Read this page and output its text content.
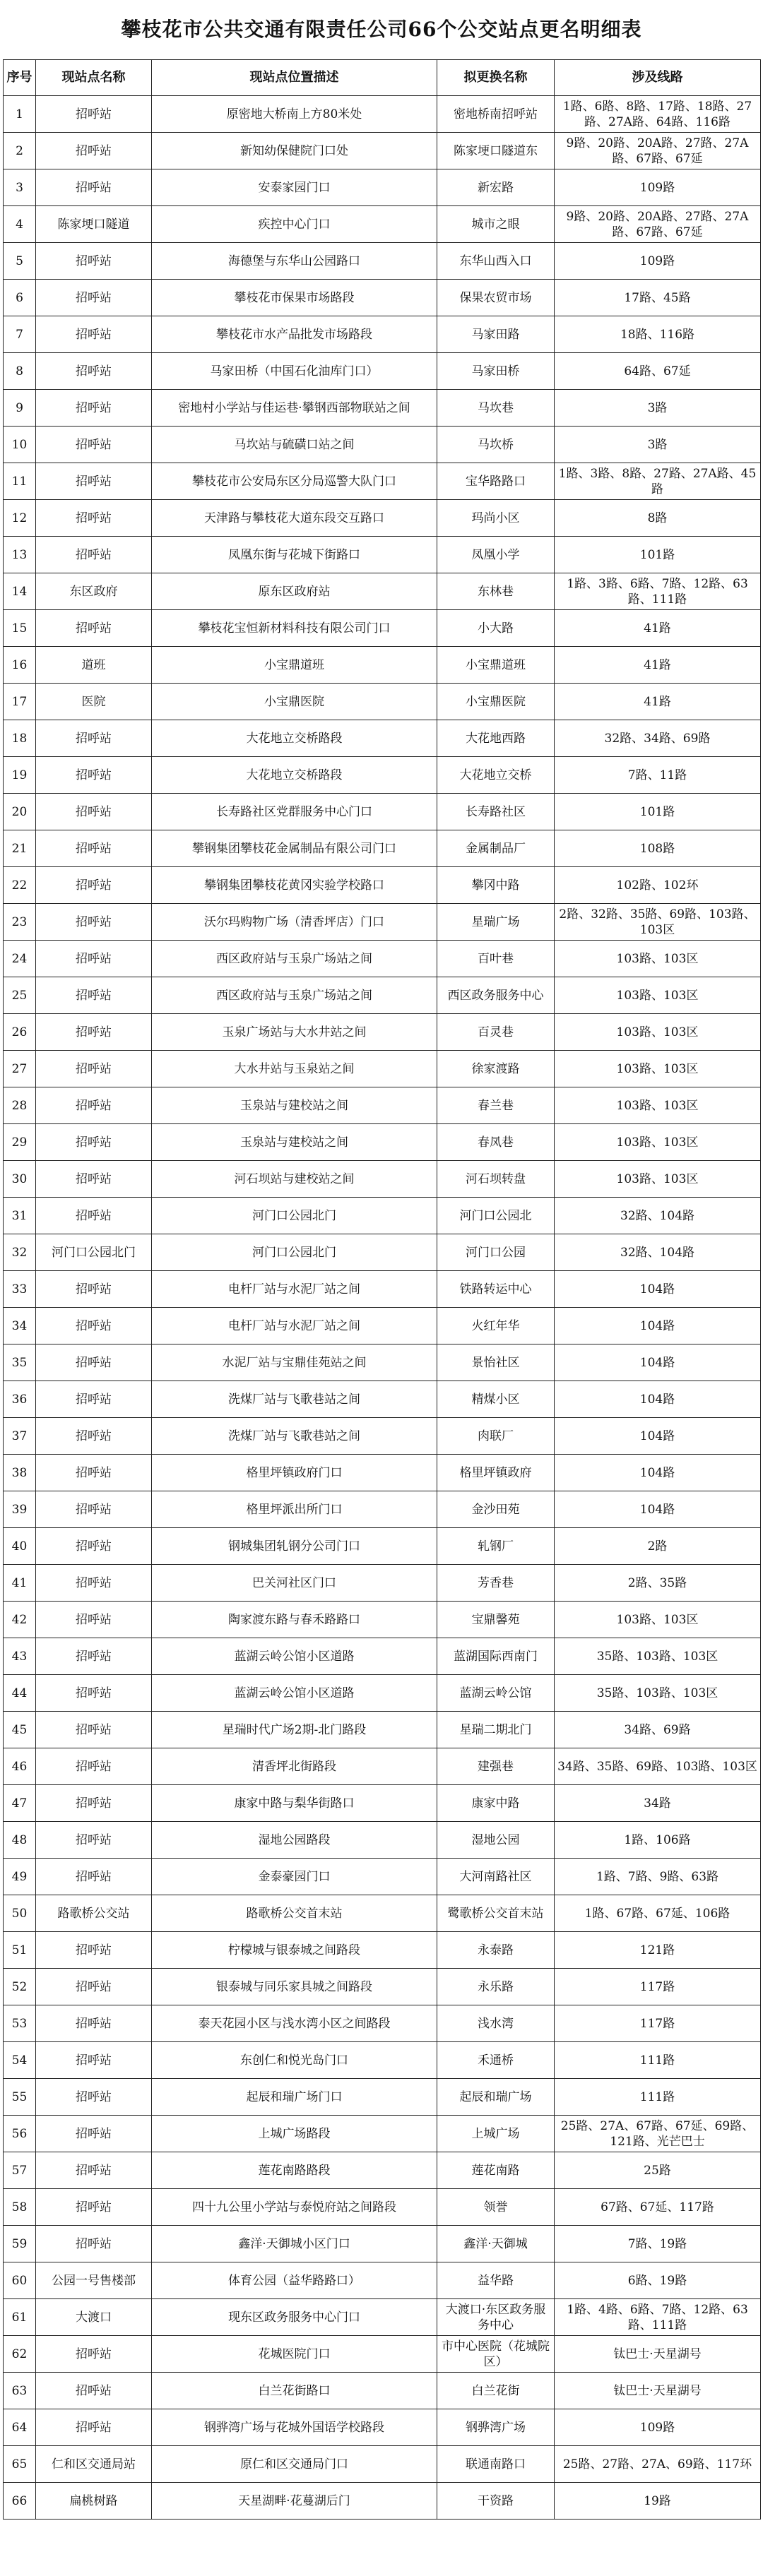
攀枝花市公共交通有限责任公司66个公交站点更名明细表
序号	现站点名称	现站点位置描述	拟更换名称	涉及线路
1	招呼站	原密地大桥南上方80米处	密地桥南招呼站	1路、6路、8路、17路、18路、27路、27A路、64路、116路
2	招呼站	新知幼保健院门口处	陈家埂口隧道东	9路、20路、20A路、27路、27A路、67路、67延
3	招呼站	安泰家园门口	新宏路	109路
4	陈家埂口隧道	疾控中心门口	城市之眼	9路、20路、20A路、27路、27A路、67路、67延
5	招呼站	海德堡与东华山公园路口	东华山西入口	109路
6	招呼站	攀枝花市保果市场路段	保果农贸市场	17路、45路
7	招呼站	攀枝花市水产品批发市场路段	马家田路	18路、116路
8	招呼站	马家田桥（中国石化油库门口）	马家田桥	64路、67延
9	招呼站	密地村小学站与佳运巷·攀钢西部物联站之间	马坎巷	3路
10	招呼站	马坎站与硫磺口站之间	马坎桥	3路
11	招呼站	攀枝花市公安局东区分局巡警大队门口	宝华路路口	1路、3路、8路、27路、27A路、45路
12	招呼站	天津路与攀枝花大道东段交互路口	玛尚小区	8路
13	招呼站	凤凰东街与花城下街路口	凤凰小学	101路
14	东区政府	原东区政府站	东林巷	1路、3路、6路、7路、12路、63路、111路
15	招呼站	攀枝花宝恒新材料科技有限公司门口	小大路	41路
16	道班	小宝鼎道班	小宝鼎道班	41路
17	医院	小宝鼎医院	小宝鼎医院	41路
18	招呼站	大花地立交桥路段	大花地西路	32路、34路、69路
19	招呼站	大花地立交桥路段	大花地立交桥	7路、11路
20	招呼站	长寿路社区党群服务中心门口	长寿路社区	101路
21	招呼站	攀钢集团攀枝花金属制品有限公司门口	金属制品厂	108路
22	招呼站	攀钢集团攀枝花黄冈实验学校路口	攀冈中路	102路、102环
23	招呼站	沃尔玛购物广场（清香坪店）门口	星瑞广场	2路、32路、35路、69路、103路、103区
24	招呼站	西区政府站与玉泉广场站之间	百叶巷	103路、103区
25	招呼站	西区政府站与玉泉广场站之间	西区政务服务中心	103路、103区
26	招呼站	玉泉广场站与大水井站之间	百灵巷	103路、103区
27	招呼站	大水井站与玉泉站之间	徐家渡路	103路、103区
28	招呼站	玉泉站与建校站之间	春兰巷	103路、103区
29	招呼站	玉泉站与建校站之间	春凤巷	103路、103区
30	招呼站	河石坝站与建校站之间	河石坝转盘	103路、103区
31	招呼站	河门口公园北门	河门口公园北	32路、104路
32	河门口公园北门	河门口公园北门	河门口公园	32路、104路
33	招呼站	电杆厂站与水泥厂站之间	铁路转运中心	104路
34	招呼站	电杆厂站与水泥厂站之间	火红年华	104路
35	招呼站	水泥厂站与宝鼎佳苑站之间	景怡社区	104路
36	招呼站	洗煤厂站与飞歌巷站之间	精煤小区	104路
37	招呼站	洗煤厂站与飞歌巷站之间	肉联厂	104路
38	招呼站	格里坪镇政府门口	格里坪镇政府	104路
39	招呼站	格里坪派出所门口	金沙田苑	104路
40	招呼站	钢城集团轧钢分公司门口	轧钢厂	2路
41	招呼站	巴关河社区门口	芳香巷	2路、35路
42	招呼站	陶家渡东路与春禾路路口	宝鼎馨苑	103路、103区
43	招呼站	蓝湖云岭公馆小区道路	蓝湖国际西南门	35路、103路、103区
44	招呼站	蓝湖云岭公馆小区道路	蓝湖云岭公馆	35路、103路、103区
45	招呼站	星瑞时代广场2期-北门路段	星瑞二期北门	34路、69路
46	招呼站	清香坪北街路段	建强巷	34路、35路、69路、103路、103区
47	招呼站	康家中路与梨华街路口	康家中路	34路
48	招呼站	湿地公园路段	湿地公园	1路、106路
49	招呼站	金泰豪园门口	大河南路社区	1路、7路、9路、63路
50	路歌桥公交站	路歌桥公交首末站	鹭歌桥公交首末站	1路、67路、67延、106路
51	招呼站	柠檬城与银泰城之间路段	永泰路	121路
52	招呼站	银泰城与同乐家具城之间路段	永乐路	117路
53	招呼站	泰天花园小区与浅水湾小区之间路段	浅水湾	117路
54	招呼站	东创仁和悦光岛门口	禾通桥	111路
55	招呼站	起辰和瑞广场门口	起辰和瑞广场	111路
56	招呼站	上城广场路段	上城广场	25路、27A、67路、67延、69路、121路、光芒巴士
57	招呼站	莲花南路路段	莲花南路	25路
58	招呼站	四十九公里小学站与泰悦府站之间路段	领誉	67路、67延、117路
59	招呼站	鑫洋·天御城小区门口	鑫洋·天御城	7路、19路
60	公园一号售楼部	体育公园（益华路路口）	益华路	6路、19路
61	大渡口	现东区政务服务中心门口	大渡口·东区政务服务中心	1路、4路、6路、7路、12路、63路、111路
62	招呼站	花城医院门口	市中心医院（花城院区）	钛巴士·天星湖号
63	招呼站	白兰花街路口	白兰花街	钛巴士·天星湖号
64	招呼站	钢骅湾广场与花城外国语学校路段	钢骅湾广场	109路
65	仁和区交通局站	原仁和区交通局门口	联通南路口	25路、27路、27A、69路、117环
66	扁桃树路	天星湖畔·花蔓湖后门	干资路	19路
